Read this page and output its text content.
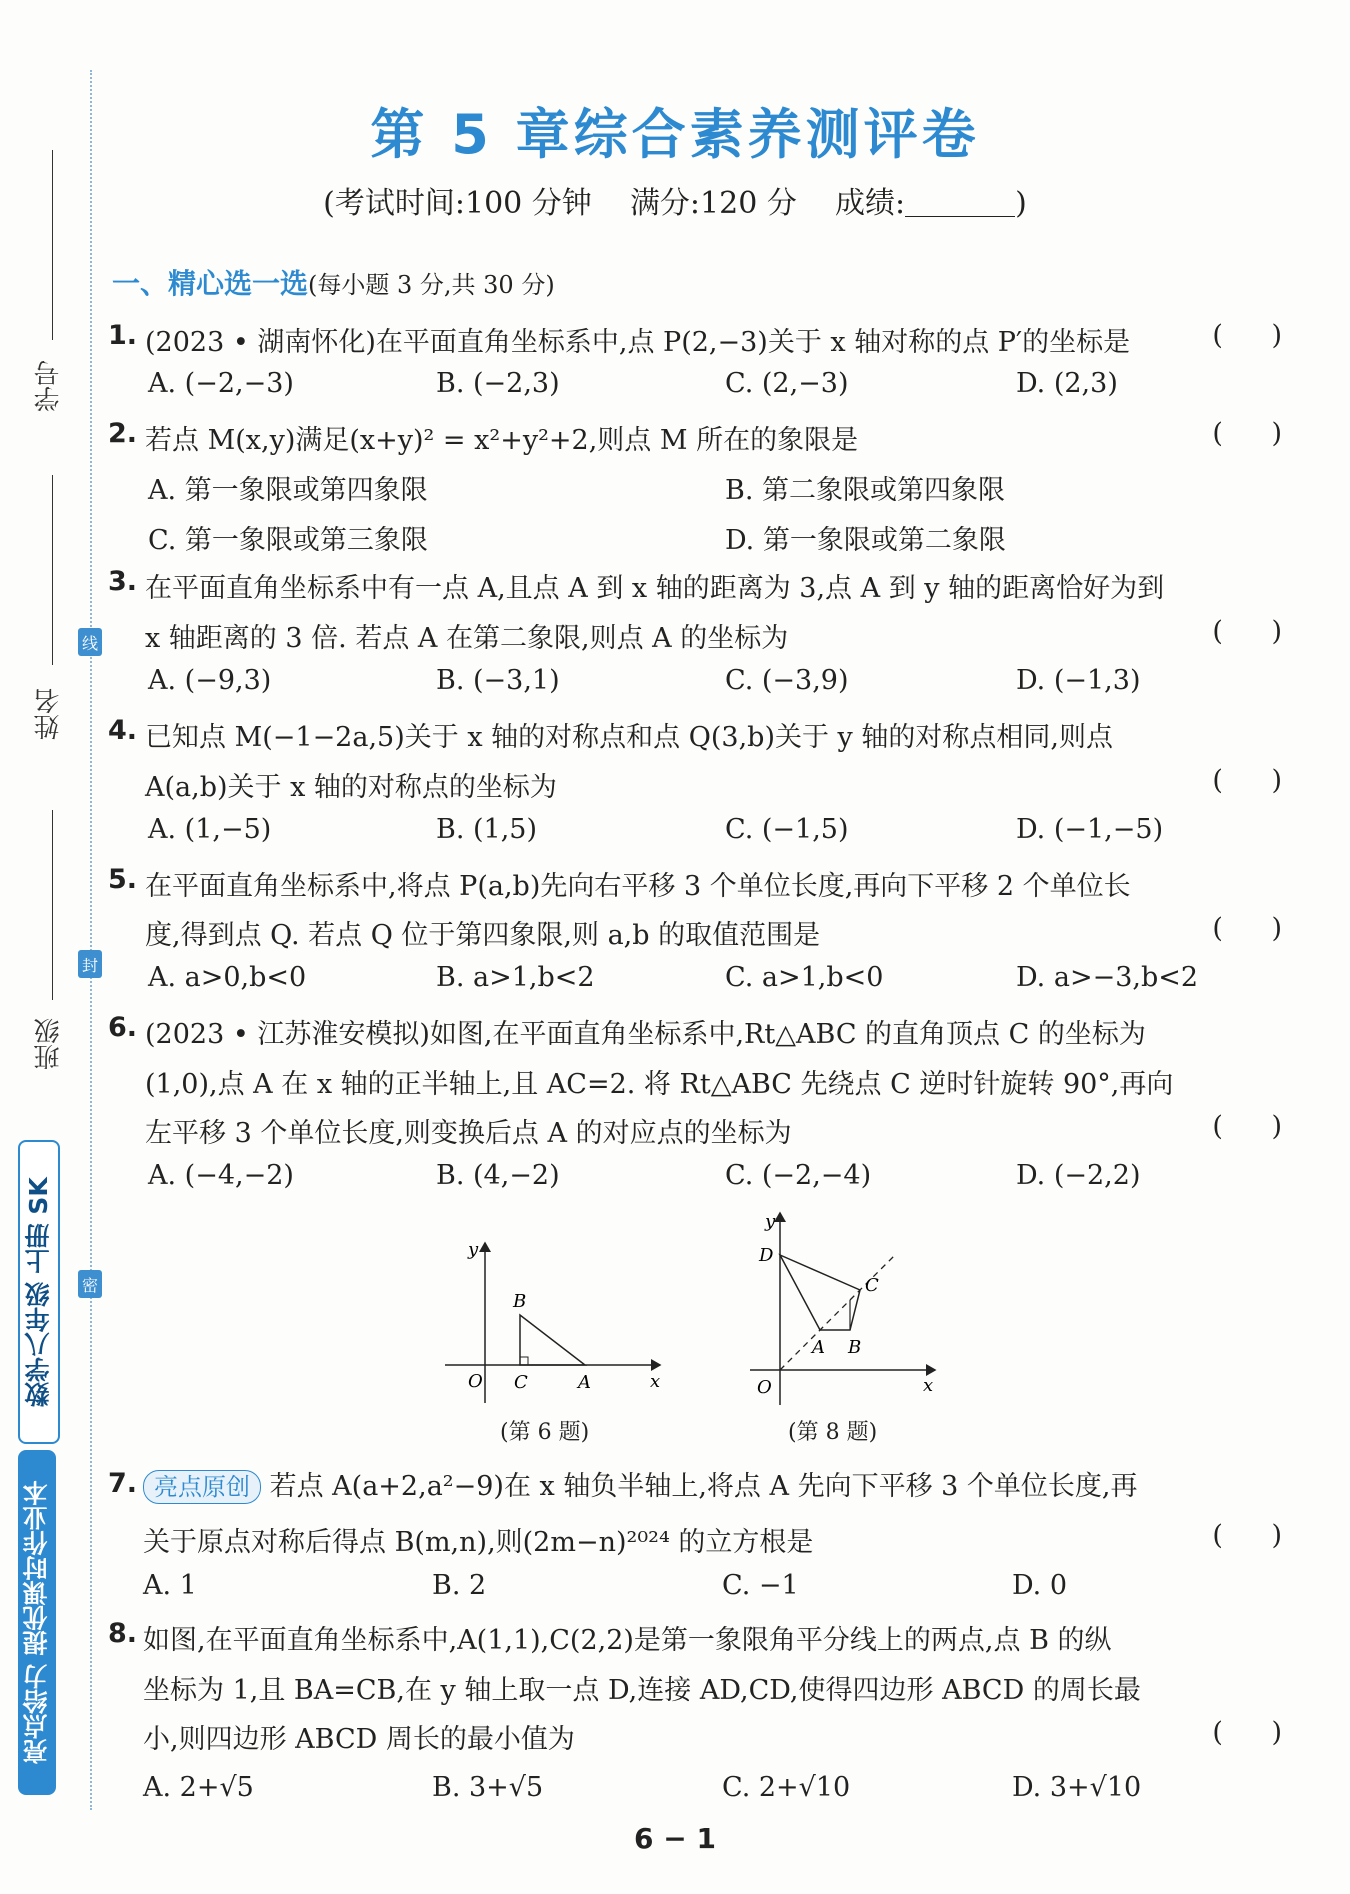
学号
姓名
班级
线
封
密
数学八年级 上册 SK
亮点给力 提优课时作业本
第 5 章综合素养测评卷
(考试时间:100 分钟 满分:120 分 成绩:	)
一、精心选一选(每小题 3 分,共 30 分)
1. (2023 • 湖南怀化)在平面直角坐标系中,点 P(2,−3)关于 x 轴对称的点 P′的坐标是	( )
A. (−2,−3)	B. (−2,3)	C. (2,−3)	D. (2,3)
2. 若点 M(x,y)满足(x+y)² = x²+y²+2,则点 M 所在的象限是	( )
A. 第一象限或第四象限	B. 第二象限或第四象限
C. 第一象限或第三象限	D. 第一象限或第二象限
3. 在平面直角坐标系中有一点 A,且点 A 到 x 轴的距离为 3,点 A 到 y 轴的距离恰好为到
x 轴距离的 3 倍. 若点 A 在第二象限,则点 A 的坐标为	( )
A. (−9,3)	B. (−3,1)	C. (−3,9)	D. (−1,3)
4. 已知点 M(−1−2a,5)关于 x 轴的对称点和点 Q(3,b)关于 y 轴的对称点相同,则点
A(a,b)关于 x 轴的对称点的坐标为	( )
A. (1,−5)	B. (1,5)	C. (−1,5)	D. (−1,−5)
5. 在平面直角坐标系中,将点 P(a,b)先向右平移 3 个单位长度,再向下平移 2 个单位长
度,得到点 Q. 若点 Q 位于第四象限,则 a,b 的取值范围是	( )
A. a>0,b<0	B. a>1,b<2	C. a>1,b<0	D. a>−3,b<2
6. (2023 • 江苏淮安模拟)如图,在平面直角坐标系中,Rt△ABC 的直角顶点 C 的坐标为
(1,0),点 A 在 x 轴的正半轴上,且 AC=2. 将 Rt△ABC 先绕点 C 逆时针旋转 90°,再向
左平移 3 个单位长度,则变换后点 A 的对应点的坐标为	( )
A. (−4,−2)	B. (4,−2)	C. (−2,−4)	D. (−2,2)
y
x
O
B
C	A
(第 6 题)
y
x
O
D
C
A B
(第 8 题)
7. 亮点原创 若点 A(a+2,a²−9)在 x 轴负半轴上,将点 A 先向下平移 3 个单位长度,再
关于原点对称后得点 B(m,n),则(2m−n)²⁰²⁴ 的立方根是	( )
A. 1	B. 2	C. −1	D. 0
8. 如图,在平面直角坐标系中,A(1,1),C(2,2)是第一象限角平分线上的两点,点 B 的纵
坐标为 1,且 BA=CB,在 y 轴上取一点 D,连接 AD,CD,使得四边形 ABCD 的周长最
小,则四边形 ABCD 周长的最小值为	( )
A. 2+√5	B. 3+√5	C. 2+√10	D. 3+√10
6 − 1
